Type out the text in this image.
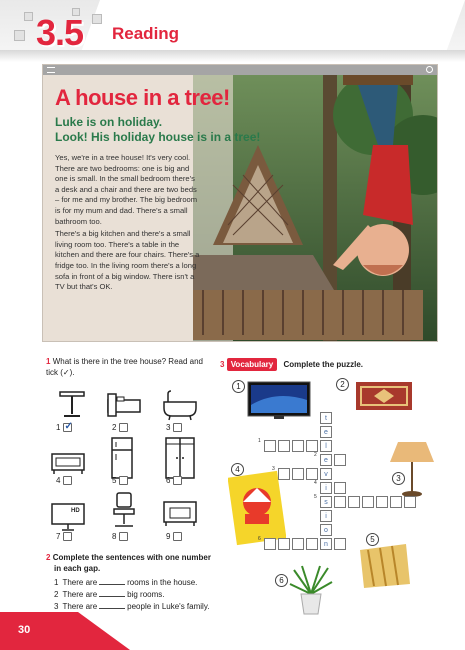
3.5 Reading
A house in a tree!
Luke is on holiday.
Look! His holiday house is in a tree!

Yes, we're in a tree house! It's very cool. There are two bedrooms: one is big and one is small. In the small bedroom there's a desk and a chair and there are two beds – for me and my brother. The big bedroom is for my mum and dad. There's a small bathroom too.

There's a big kitchen and there's a small living room too. There's a table in the kitchen and there are four chairs. There's a fridge too. In the living room there's a long sofa in front of a big window. There isn't a TV but that's OK.

1 What is there in the tree house? Read and tick (✓).
HD
1 ✓	2	3
4	5	6
7	8	9
2 Complete the sentences with one number
in each gap.
1 There are	rooms in the house.
2 There are	big rooms.
3 There are	people in Luke's family.
3 Vocabulary Complete the puzzle.
1	2
3
4
5
6
t
e
l
1
e
2
v
3
i
4
s
5
i
o
n
6
30
